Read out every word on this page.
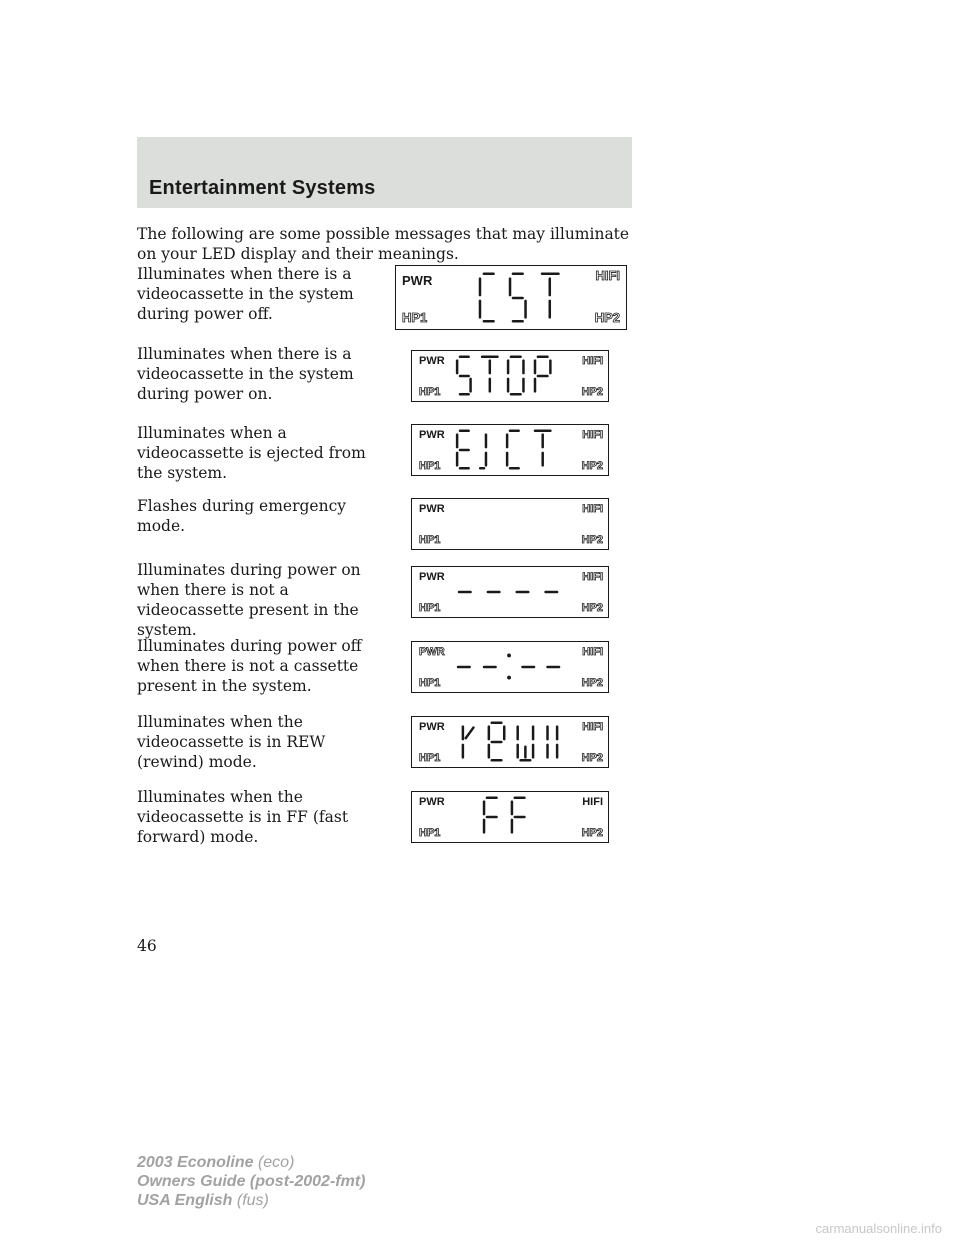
Entertainment Systems
The following are some possible messages that may illuminate on your LED display and their meanings.
Illuminates when there is a videocassette in the system during power off.
PWR	HIFI
HP1	HP2
Illuminates when there is a videocassette in the system during power on.
PWR	HIFI
HP1	HP2
Illuminates when a videocassette is ejected from the system.
PWR	HIFI
HP1	HP2
Flashes during emergency mode.
PWR	HIFI
HP1	HP2
Illuminates during power on when there is not a videocassette present in the system.
PWR	HIFI
HP1	HP2
Illuminates during power off when there is not a cassette present in the system.
PWR	HIFI
HP1	HP2
Illuminates when the videocassette is in REW (rewind) mode.
PWR	HIFI
HP1	HP2
Illuminates when the videocassette is in FF (fast forward) mode.
PWR	HIFI
HP1	HP2
46
2003 Econoline (eco)
Owners Guide (post-2002-fmt)
USA English (fus)
carmanualsonline.info
